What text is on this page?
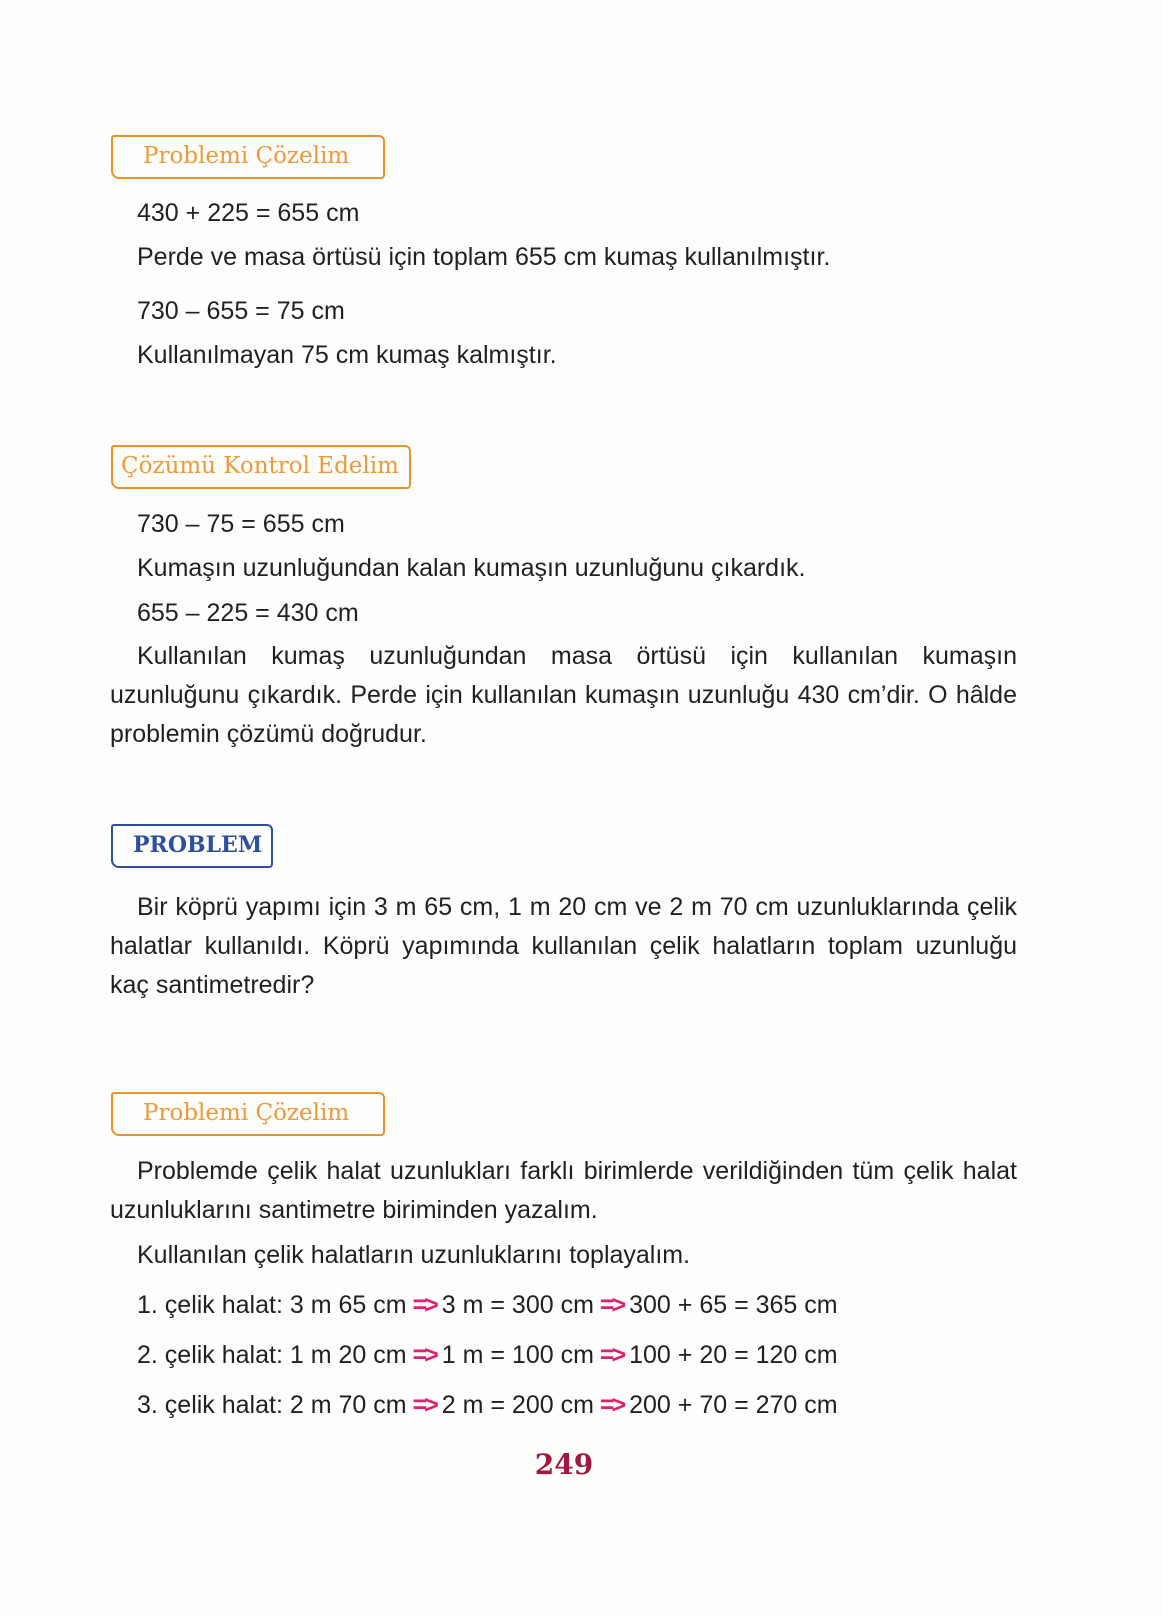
Problemi Çözelim
430 + 225 = 655 cm
Perde ve masa örtüsü için toplam 655 cm kumaş kullanılmıştır.
730 – 655 = 75 cm
Kullanılmayan 75 cm kumaş kalmıştır.
Çözümü Kontrol Edelim
730 – 75 = 655 cm
Kumaşın uzunluğundan kalan kumaşın uzunluğunu çıkardık.
655 – 225 = 430 cm
Kullanılan kumaş uzunluğundan masa örtüsü için kullanılan kumaşın uzunluğunu çıkardık. Perde için kullanılan kumaşın uzunluğu 430 cm’dir. O hâlde problemin çözümü doğrudur.
PROBLEM
Bir köprü yapımı için 3 m 65 cm, 1 m 20 cm ve 2 m 70 cm uzunluklarında çelik halatlar kullanıldı. Köprü yapımında kullanılan çelik halatların toplam uzunluğu kaç santimetredir?
Problemi Çözelim
Problemde çelik halat uzunlukları farklı birimlerde verildiğinden tüm çelik halat uzunluklarını santimetre biriminden yazalım.
Kullanılan çelik halatların uzunluklarını toplayalım.
1. çelik halat: 3 m 65 cm => 3 m = 300 cm => 300 + 65 = 365 cm
2. çelik halat: 1 m 20 cm => 1 m = 100 cm => 100 + 20 = 120 cm
3. çelik halat: 2 m 70 cm => 2 m = 200 cm => 200 + 70 = 270 cm
249
